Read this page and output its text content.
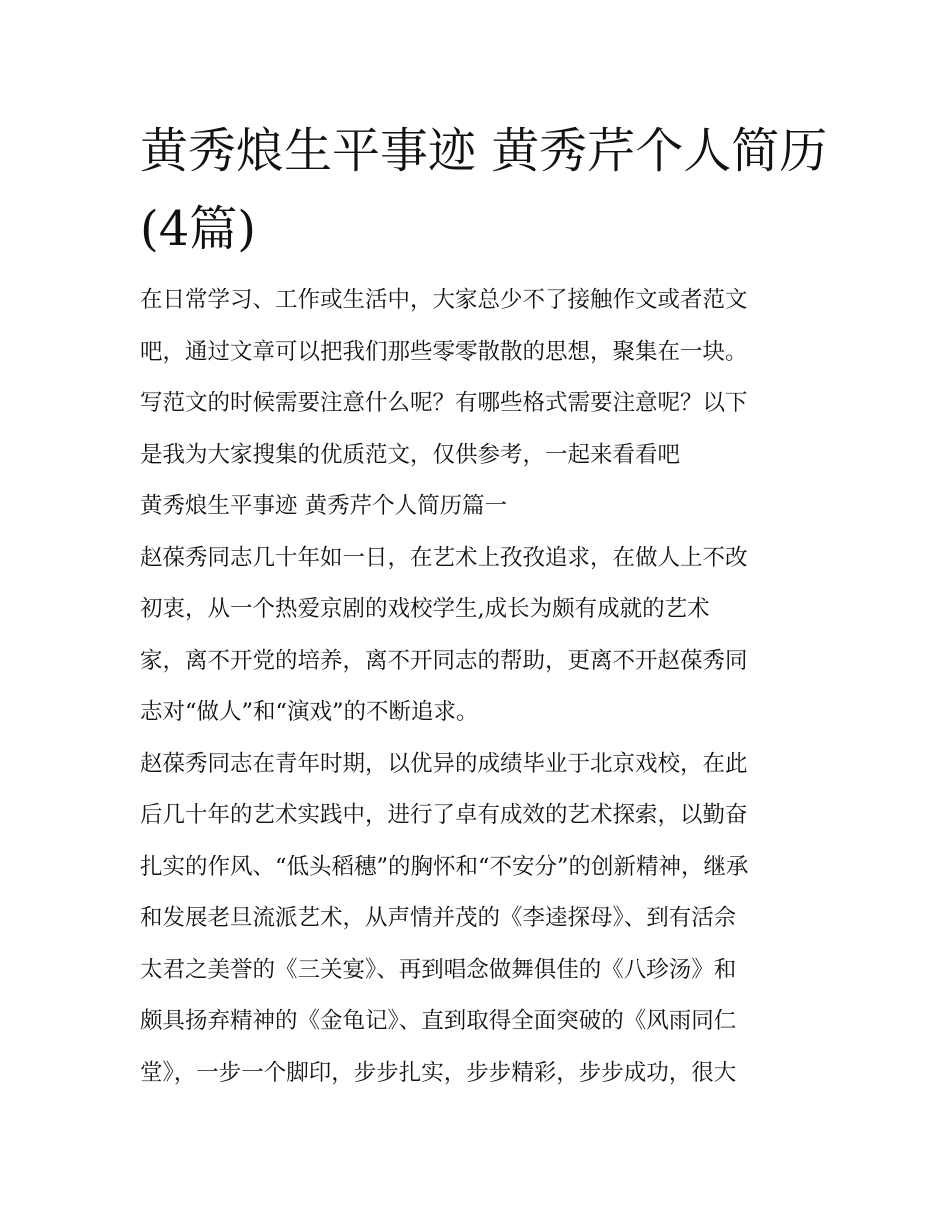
黄秀烺生平事迹 黄秀芹个人简历(4篇)

在日常学习、工作或生活中，大家总少不了接触作文或者范文

吧，通过文章可以把我们那些零零散散的思想，聚集在一块。

写范文的时候需要注意什么呢？有哪些格式需要注意呢？以下

是我为大家搜集的优质范文，仅供参考，一起来看看吧

黄秀烺生平事迹 黄秀芹个人简历篇一

赵葆秀同志几十年如一日，在艺术上孜孜追求，在做人上不改

初衷，从一个热爱京剧的戏校学生,成长为颇有成就的艺术

家，离不开党的培养，离不开同志的帮助，更离不开赵葆秀同

志对“做人”和“演戏”的不断追求。

赵葆秀同志在青年时期，以优异的成绩毕业于北京戏校，在此

后几十年的艺术实践中，进行了卓有成效的艺术探索，以勤奋

扎实的作风、“低头稻穗”的胸怀和“不安分”的创新精神，继承

和发展老旦流派艺术，从声情并茂的《李逵探母》、到有活佘

太君之美誉的《三关宴》、再到唱念做舞俱佳的《八珍汤》和

颇具扬弃精神的《金龟记》、直到取得全面突破的《风雨同仁

堂》，一步一个脚印，步步扎实，步步精彩，步步成功，很大
